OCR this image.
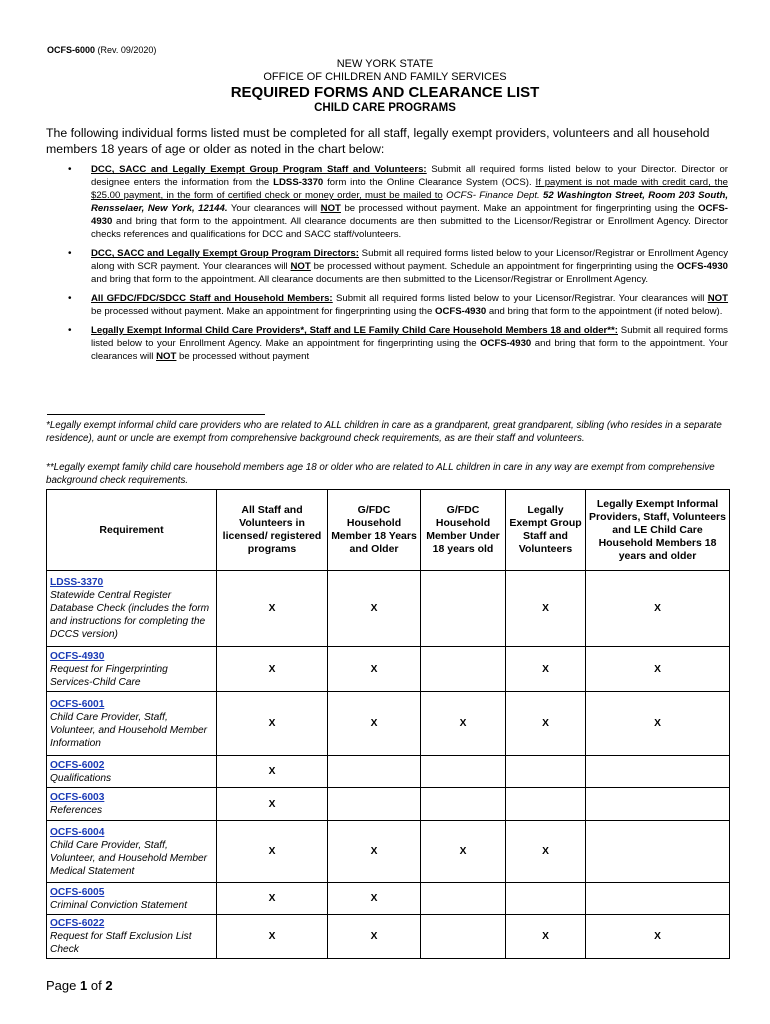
OCFS-6000 (Rev. 09/2020)
NEW YORK STATE
OFFICE OF CHILDREN AND FAMILY SERVICES
REQUIRED FORMS AND CLEARANCE LIST
CHILD CARE PROGRAMS
The following individual forms listed must be completed for all staff, legally exempt providers, volunteers and all household members 18 years of age or older as noted in the chart below:
• DCC, SACC and Legally Exempt Group Program Staff and Volunteers: Submit all required forms listed below to your Director. Director or designee enters the information from the LDSS-3370 form into the Online Clearance System (OCS). If payment is not made with credit card, the $25.00 payment, in the form of certified check or money order, must be mailed to OCFS- Finance Dept. 52 Washington Street, Room 203 South, Rensselaer, New York, 12144. Your clearances will NOT be processed without payment. Make an appointment for fingerprinting using the OCFS-4930 and bring that form to the appointment. All clearance documents are then submitted to the Licensor/Registrar or Enrollment Agency. Director checks references and qualifications for DCC and SACC staff/volunteers.
• DCC, SACC and Legally Exempt Group Program Directors: Submit all required forms listed below to your Licensor/Registrar or Enrollment Agency along with SCR payment. Your clearances will NOT be processed without payment. Schedule an appointment for fingerprinting using the OCFS-4930 and bring that form to the appointment. All clearance documents are then submitted to the Licensor/Registrar or Enrollment Agency.
• All GFDC/FDC/SDCC Staff and Household Members: Submit all required forms listed below to your Licensor/Registrar. Your clearances will NOT be processed without payment. Make an appointment for fingerprinting using the OCFS-4930 and bring that form to the appointment (if noted below).
• Legally Exempt Informal Child Care Providers*, Staff and LE Family Child Care Household Members 18 and older**: Submit all required forms listed below to your Enrollment Agency. Make an appointment for fingerprinting using the OCFS-4930 and bring that form to the appointment. Your clearances will NOT be processed without payment
*Legally exempt informal child care providers who are related to ALL children in care as a grandparent, great grandparent, sibling (who resides in a separate residence), aunt or uncle are exempt from comprehensive background check requirements, as are their staff and volunteers.
**Legally exempt family child care household members age 18 or older who are related to ALL children in care in any way are exempt from comprehensive background check requirements.
Requirement	All Staff and Volunteers in licensed/ registered programs	G/FDC Household Member 18 Years and Older	G/FDC Household Member Under 18 years old	Legally Exempt Group Staff and Volunteers	Legally Exempt Informal Providers, Staff, Volunteers and LE Child Care Household Members 18 years and older

LDSS-3370
Statewide Central Register Database Check (includes the form and instructions for completing the DCCS version)	X	X		X	X

OCFS-4930
Request for Fingerprinting Services-Child Care	X	X		X	X

OCFS-6001
Child Care Provider, Staff, Volunteer, and Household Member Information	X	X	X	X	X

OCFS-6002
Qualifications	X				

OCFS-6003
References	X				

OCFS-6004
Child Care Provider, Staff, Volunteer, and Household Member Medical Statement	X	X	X	X	

OCFS-6005
Criminal Conviction Statement	X	X			

OCFS-6022
Request for Staff Exclusion List Check	X	X		X	X
Page 1 of 2
